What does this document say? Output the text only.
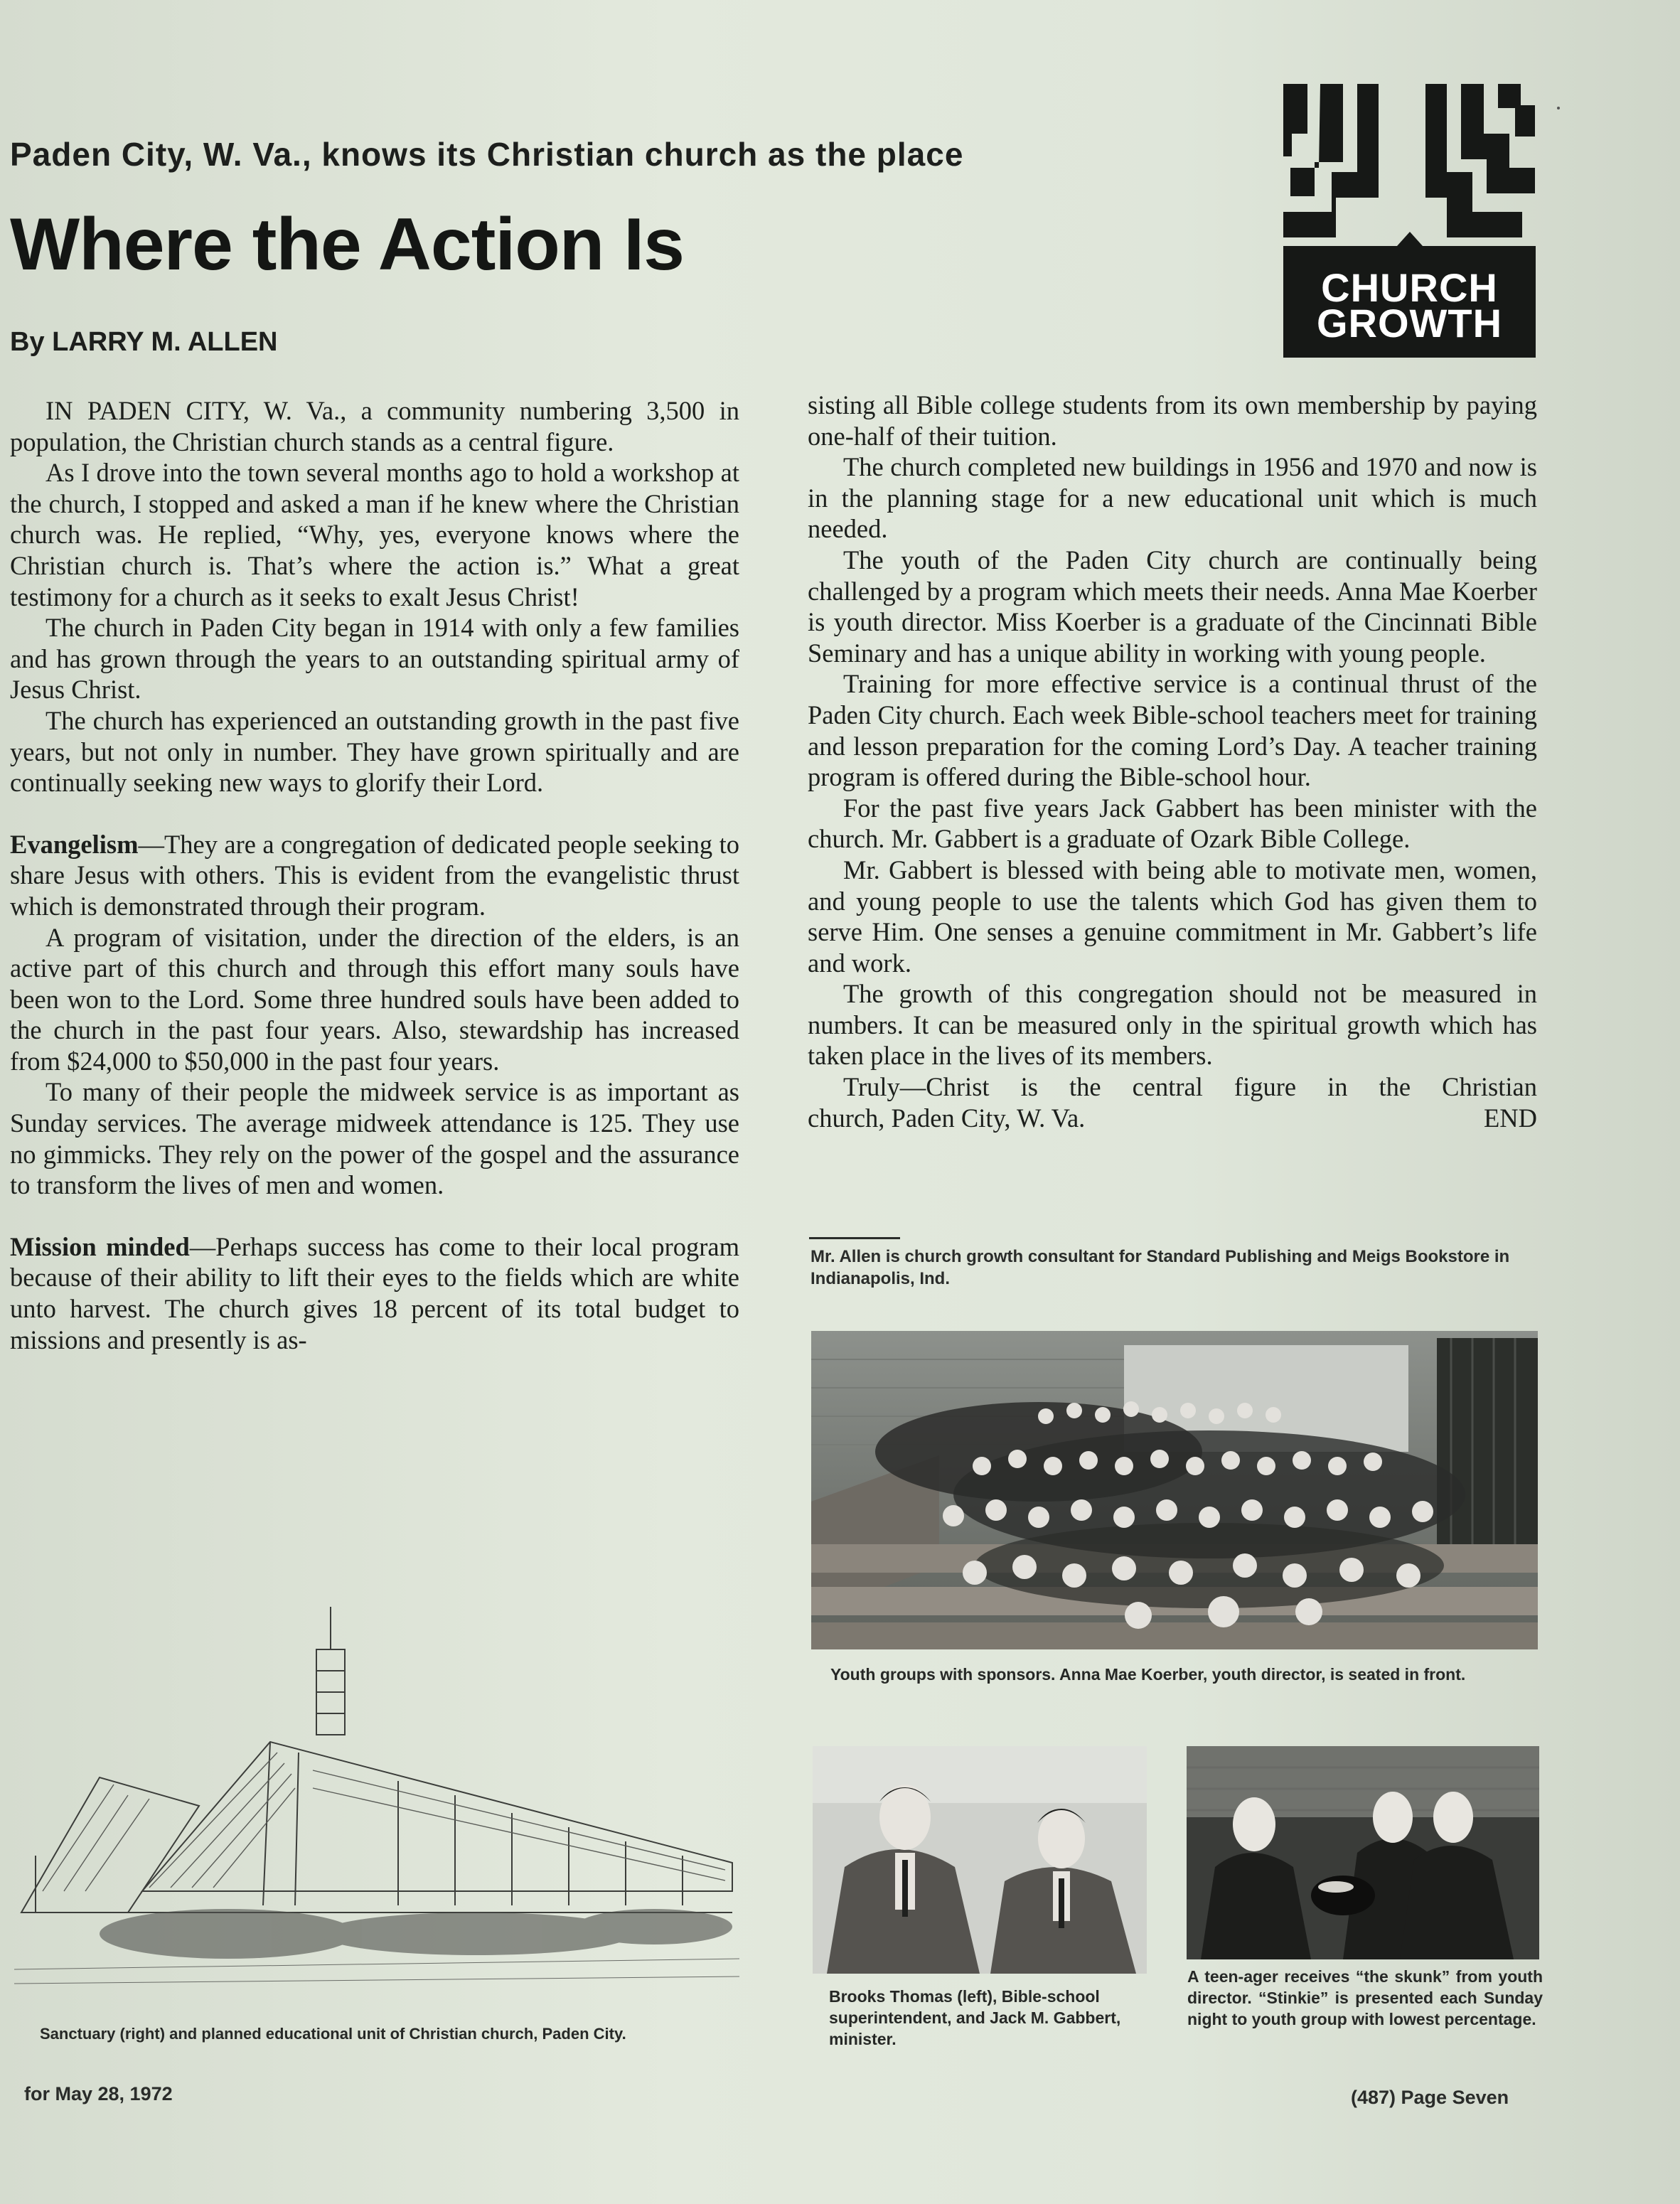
Paden City, W. Va., knows its Christian church as the place
Where the Action Is
By LARRY M. ALLEN
CHURCH
GROWTH

IN PADEN CITY, W. Va., a community numbering 3,500 in population, the Christian church stands as a central figure.

As I drove into the town several months ago to hold a workshop at the church, I stopped and asked a man if he knew where the Christian church was. He replied, “Why, yes, everyone knows where the Christian church is. That’s where the action is.” What a great testimony for a church as it seeks to exalt Jesus Christ!

The church in Paden City began in 1914 with only a few families and has grown through the years to an outstanding spiritual army of Jesus Christ.

The church has experienced an outstanding growth in the past five years, but not only in number. They have grown spiritually and are continually seeking new ways to glorify their Lord.

Evangelism—They are a congregation of dedicated people seeking to share Jesus with others. This is evident from the evangelistic thrust which is demonstrated through their program.

A program of visitation, under the direction of the elders, is an active part of this church and through this effort many souls have been won to the Lord. Some three hundred souls have been added to the church in the past four years. Also, stewardship has increased from $24,000 to $50,000 in the past four years.

To many of their people the midweek service is as important as Sunday services. The average midweek attendance is 125. They use no gimmicks. They rely on the power of the gospel and the assurance to transform the lives of men and women.

Mission minded—Perhaps success has come to their local program because of their ability to lift their eyes to the fields which are white unto harvest. The church gives 18 percent of its total budget to missions and presently is as-

sisting all Bible college students from its own membership by paying one-half of their tuition.

The church completed new buildings in 1956 and 1970 and now is in the planning stage for a new educational unit which is much needed.

The youth of the Paden City church are continually being challenged by a program which meets their needs. Anna Mae Koerber is youth director. Miss Koerber is a graduate of the Cincinnati Bible Seminary and has a unique ability in working with young people.

Training for more effective service is a continual thrust of the Paden City church. Each week Bible-school teachers meet for training and lesson preparation for the coming Lord’s Day. A teacher training program is offered during the Bible-school hour.

For the past five years Jack Gabbert has been minister with the church. Mr. Gabbert is a graduate of Ozark Bible College.

Mr. Gabbert is blessed with being able to motivate men, women, and young people to use the talents which God has given them to serve Him. One senses a genuine commitment in Mr. Gabbert’s life and work.

The growth of this congregation should not be measured in numbers. It can be measured only in the spiritual growth which has taken place in the lives of its members.

Truly—Christ is the central figure in the Christian

church, Paden City, W. Va.	END
Mr. Allen is church growth consultant for Standard Publishing and Meigs Bookstore in Indianapolis, Ind.
Youth groups with sponsors. Anna Mae Koerber, youth director, is seated in front.
Brooks Thomas (left), Bible-school superintendent, and Jack M. Gabbert, minister.
A teen-ager receives “the skunk” from youth director. “Stinkie” is presented each Sunday night to youth group with lowest percentage.
Sanctuary (right) and planned educational unit of Christian church, Paden City.
for May 28, 1972	(487) Page Seven
